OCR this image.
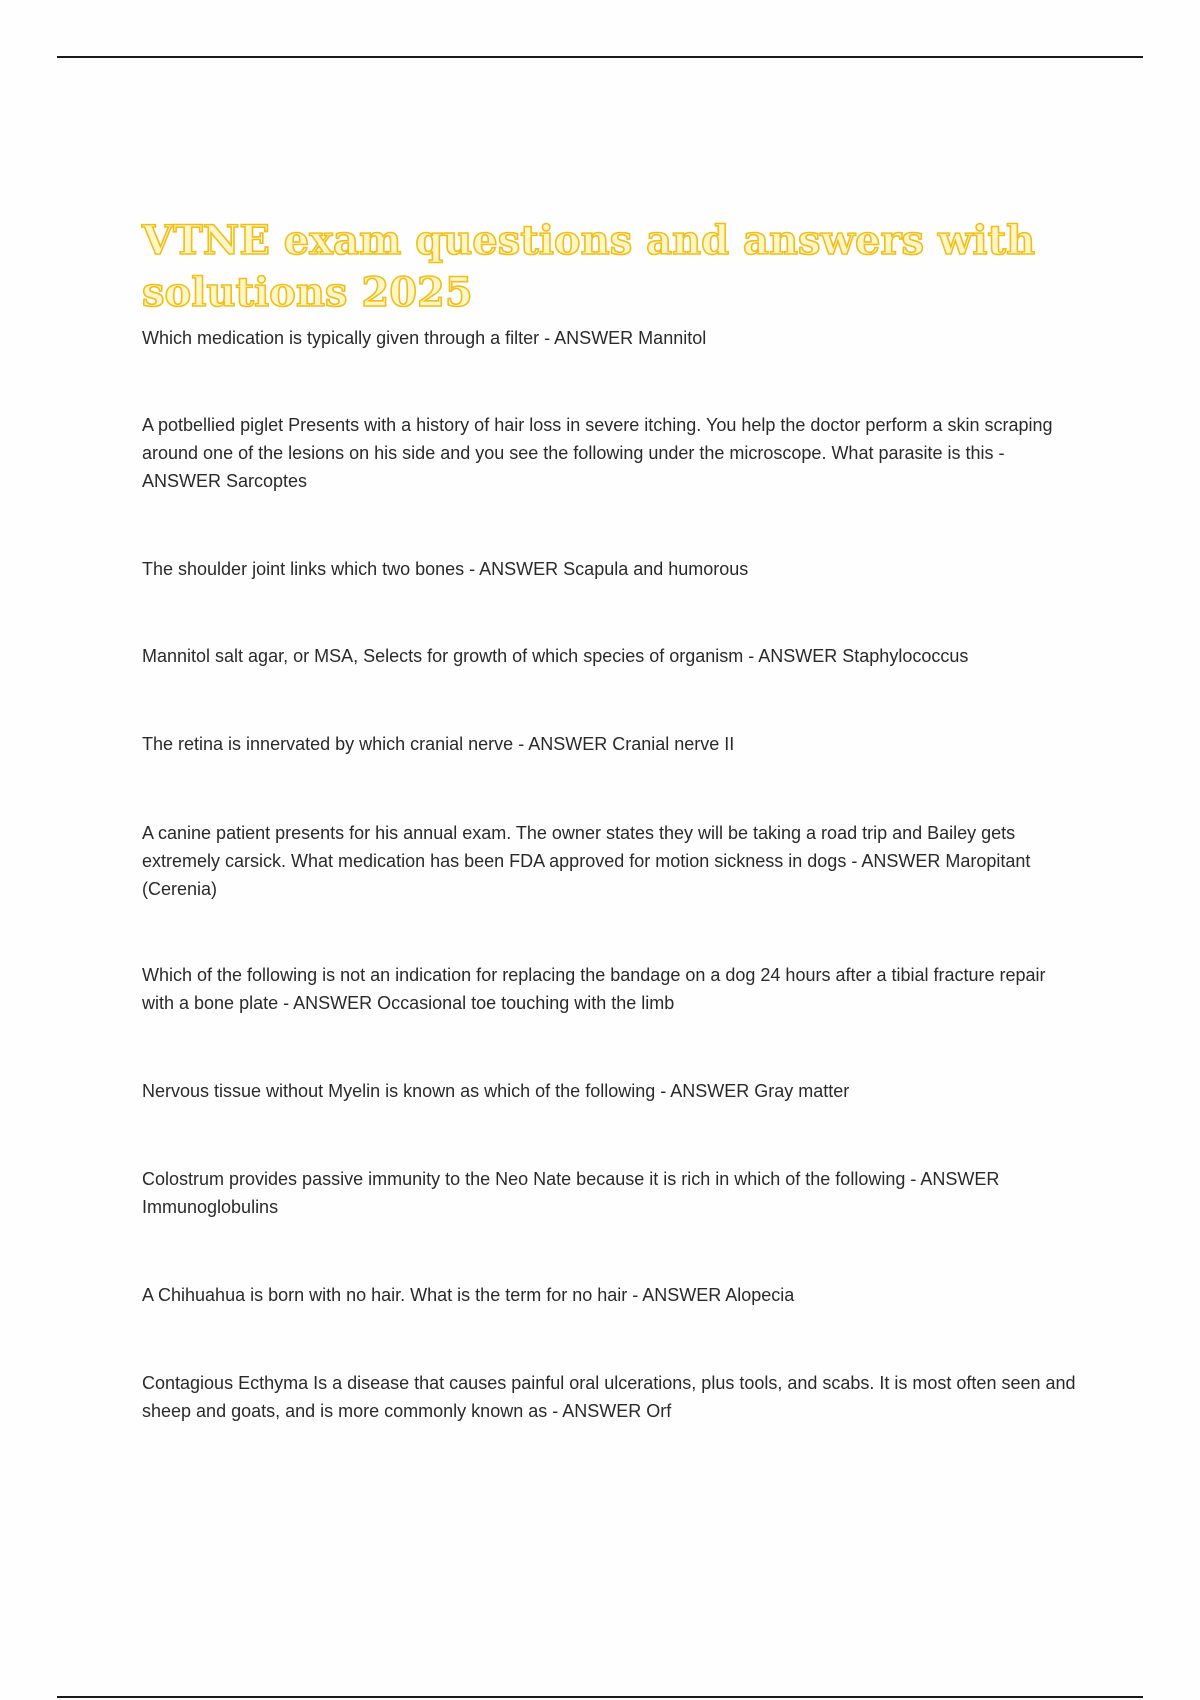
VTNE exam questions and answers with
solutions 2025

Which medication is typically given through a filter - ANSWER Mannitol

A potbellied piglet Presents with a history of hair loss in severe itching. You help the doctor perform a skin scraping around one of the lesions on his side and you see the following under the microscope. What parasite is this - ANSWER Sarcoptes

The shoulder joint links which two bones - ANSWER Scapula and humorous

Mannitol salt agar, or MSA, Selects for growth of which species of organism - ANSWER Staphylococcus

The retina is innervated by which cranial nerve - ANSWER Cranial nerve II

A canine patient presents for his annual exam. The owner states they will be taking a road trip and Bailey gets extremely carsick. What medication has been FDA approved for motion sickness in dogs - ANSWER Maropitant (Cerenia)

Which of the following is not an indication for replacing the bandage on a dog 24 hours after a tibial fracture repair with a bone plate - ANSWER Occasional toe touching with the limb

Nervous tissue without Myelin is known as which of the following - ANSWER Gray matter

Colostrum provides passive immunity to the Neo Nate because it is rich in which of the following - ANSWER Immunoglobulins

A Chihuahua is born with no hair. What is the term for no hair - ANSWER Alopecia

Contagious Ecthyma Is a disease that causes painful oral ulcerations, plus tools, and scabs. It is most often seen and sheep and goats, and is more commonly known as - ANSWER Orf
